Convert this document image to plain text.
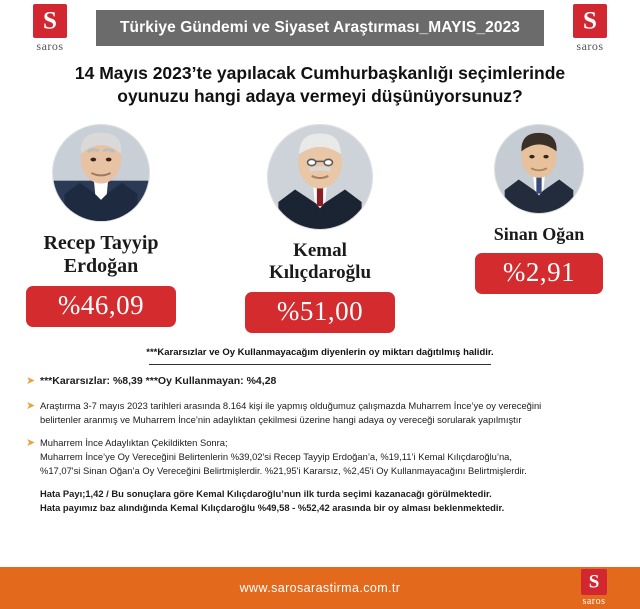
S
saros
Türkiye Gündemi ve Siyaset Araştırması_MAYIS_2023
S
saros
14 Mayıs 2023’te yapılacak Cumhurbaşkanlığı seçimlerinde oyunuzu hangi adaya vermeyi düşünüyorsunuz?
Recep Tayyip
Erdoğan
%46,09
Kemal
Kılıçdaroğlu
%51,00
Sinan Oğan
%2,91
***Kararsızlar ve Oy Kullanmayacağım diyenlerin oy miktarı dağıtılmış halidir.
➤ ***Kararsızlar: %8,39 ***Oy Kullanmayan: %4,28
➤ Araştırma 3-7 mayıs 2023 tarihleri arasında 8.164 kişi ile yapmış olduğumuz çalışmazda Muharrem İnce’ye oy vereceğini
belirtenler aranmış ve Muharrem İnce’nin adaylıktan çekilmesi üzerine hangi adaya oy vereceği sorularak yapılmıştır
➤ Muharrem İnce Adaylıktan Çekildikten Sonra;
Muharrem İnce’ye Oy Vereceğini Belirtenlerin %39,02'si Recep Tayyip Erdoğan’a, %19,11’i Kemal Kılıçdaroğlu’na,
%17,07'si Sinan Oğan’a Oy Vereceğini Belirtmişlerdir. %21,95'i Kararsız, %2,45'i Oy Kullanmayacağını Belirtmişlerdir.
Hata Payı;1,42 / Bu sonuçlara göre Kemal Kılıçdaroğlu’nun ilk turda seçimi kazanacağı görülmektedir.
Hata payımız baz alındığında Kemal Kılıçdaroğlu %49,58 - %52,42 arasında bir oy alması beklenmektedir.
www.sarosarastirma.com.tr
S
saros
